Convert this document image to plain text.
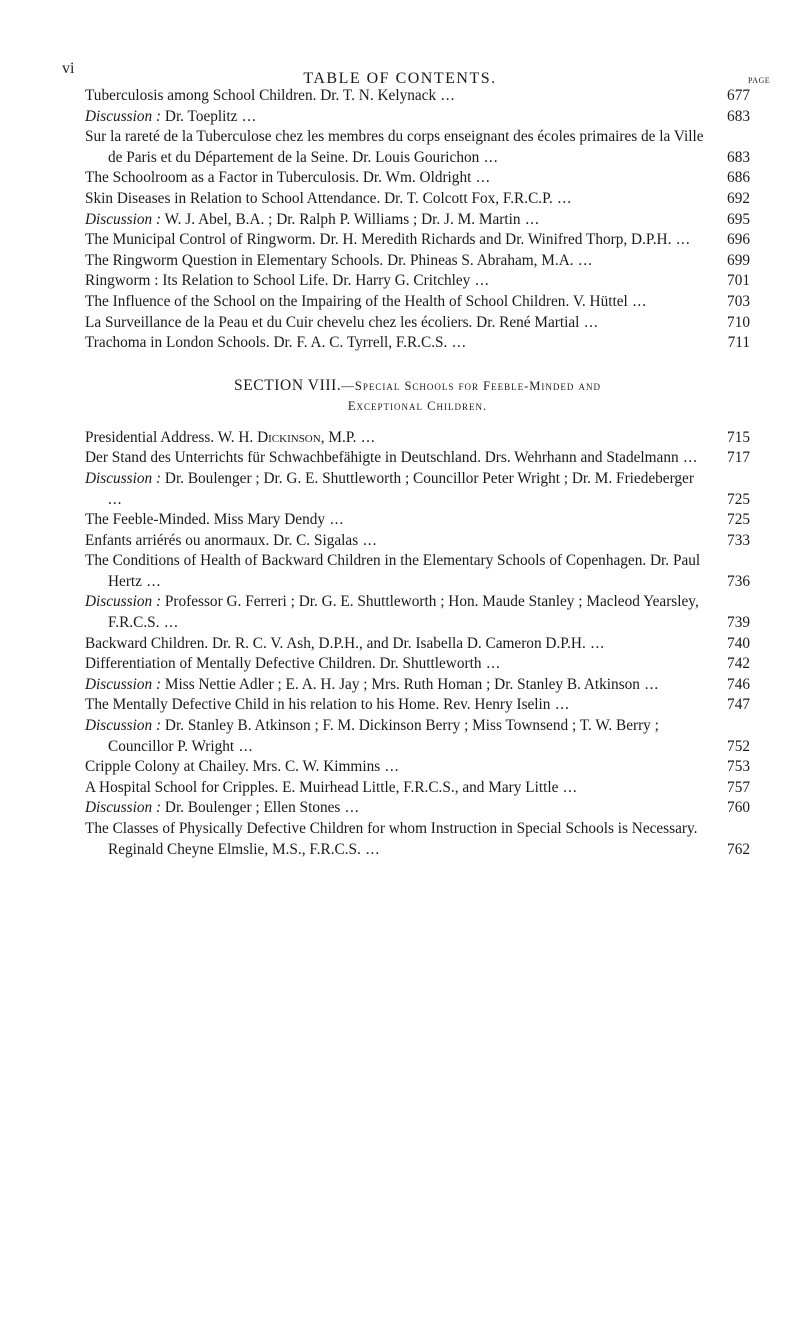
vi
TABLE OF CONTENTS.	PAGE
Tuberculosis among School Children. Dr. T. N. Kelynack ...	677
Discussion : Dr. Toeplitz ...	683
Sur la rareté de la Tuberculose chez les membres du corps enseignant des écoles primaires de la Ville de Paris et du Département de la Seine. Dr. Louis Gourichon ...	683
The Schoolroom as a Factor in Tuberculosis. Dr. Wm. Oldright ...	686
Skin Diseases in Relation to School Attendance. Dr. T. Colcott Fox, F.R.C.P. ...	692
Discussion : W. J. Abel, B.A. ; Dr. Ralph P. Williams ; Dr. J. M. Martin ...	695
The Municipal Control of Ringworm. Dr. H. Meredith Richards and Dr. Winifred Thorp, D.P.H. ... 696
The Ringworm Question in Elementary Schools. Dr. Phineas S. Abraham, M.A. ...	699
Ringworm : Its Relation to School Life. Dr. Harry G. Critchley ...	701
The Influence of the School on the Impairing of the Health of School Children. V. Hüttel ...	703
La Surveillance de la Peau et du Cuir chevelu chez les écoliers. Dr. René Martial ...	710
Trachoma in London Schools. Dr. F. A. C. Tyrrell, F.R.C.S. ...	711
SECTION VIII.—Special Schools for Feeble-Minded and
Exceptional Children.
Presidential Address. W. H. Dickinson, M.P. ...	715
Der Stand des Unterrichts für Schwachbefähigte in Deutschland. Drs. Wehrhann and Stadelmann ... 717
Discussion : Dr. Boulenger ; Dr. G. E. Shuttleworth ; Councillor Peter Wright ; Dr. M. Friedeberger ...	725
The Feeble-Minded. Miss Mary Dendy ...	725
Enfants arriérés ou anormaux. Dr. C. Sigalas ...	733
The Conditions of Health of Backward Children in the Elementary Schools of Copenhagen. Dr. Paul Hertz ...	736
Discussion : Professor G. Ferreri ; Dr. G. E. Shuttleworth ; Hon. Maude Stanley ; Macleod Yearsley, F.R.C.S. ...	739
Backward Children. Dr. R. C. V. Ash, D.P.H., and Dr. Isabella D. Cameron D.P.H. ...	740
Differentiation of Mentally Defective Children. Dr. Shuttleworth ...	742
Discussion : Miss Nettie Adler ; E. A. H. Jay ; Mrs. Ruth Homan ; Dr. Stanley B. Atkinson ...	746
The Mentally Defective Child in his relation to his Home. Rev. Henry Iselin ...	747
Discussion : Dr. Stanley B. Atkinson ; F. M. Dickinson Berry ; Miss Townsend ; T. W. Berry ; Councillor P. Wright ...	752
Cripple Colony at Chailey. Mrs. C. W. Kimmins ...	753
A Hospital School for Cripples. E. Muirhead Little, F.R.C.S., and Mary Little ...	757
Discussion : Dr. Boulenger ; Ellen Stones ...	760
The Classes of Physically Defective Children for whom Instruction in Special Schools is Necessary. Reginald Cheyne Elmslie, M.S., F.R.C.S. ...	762
